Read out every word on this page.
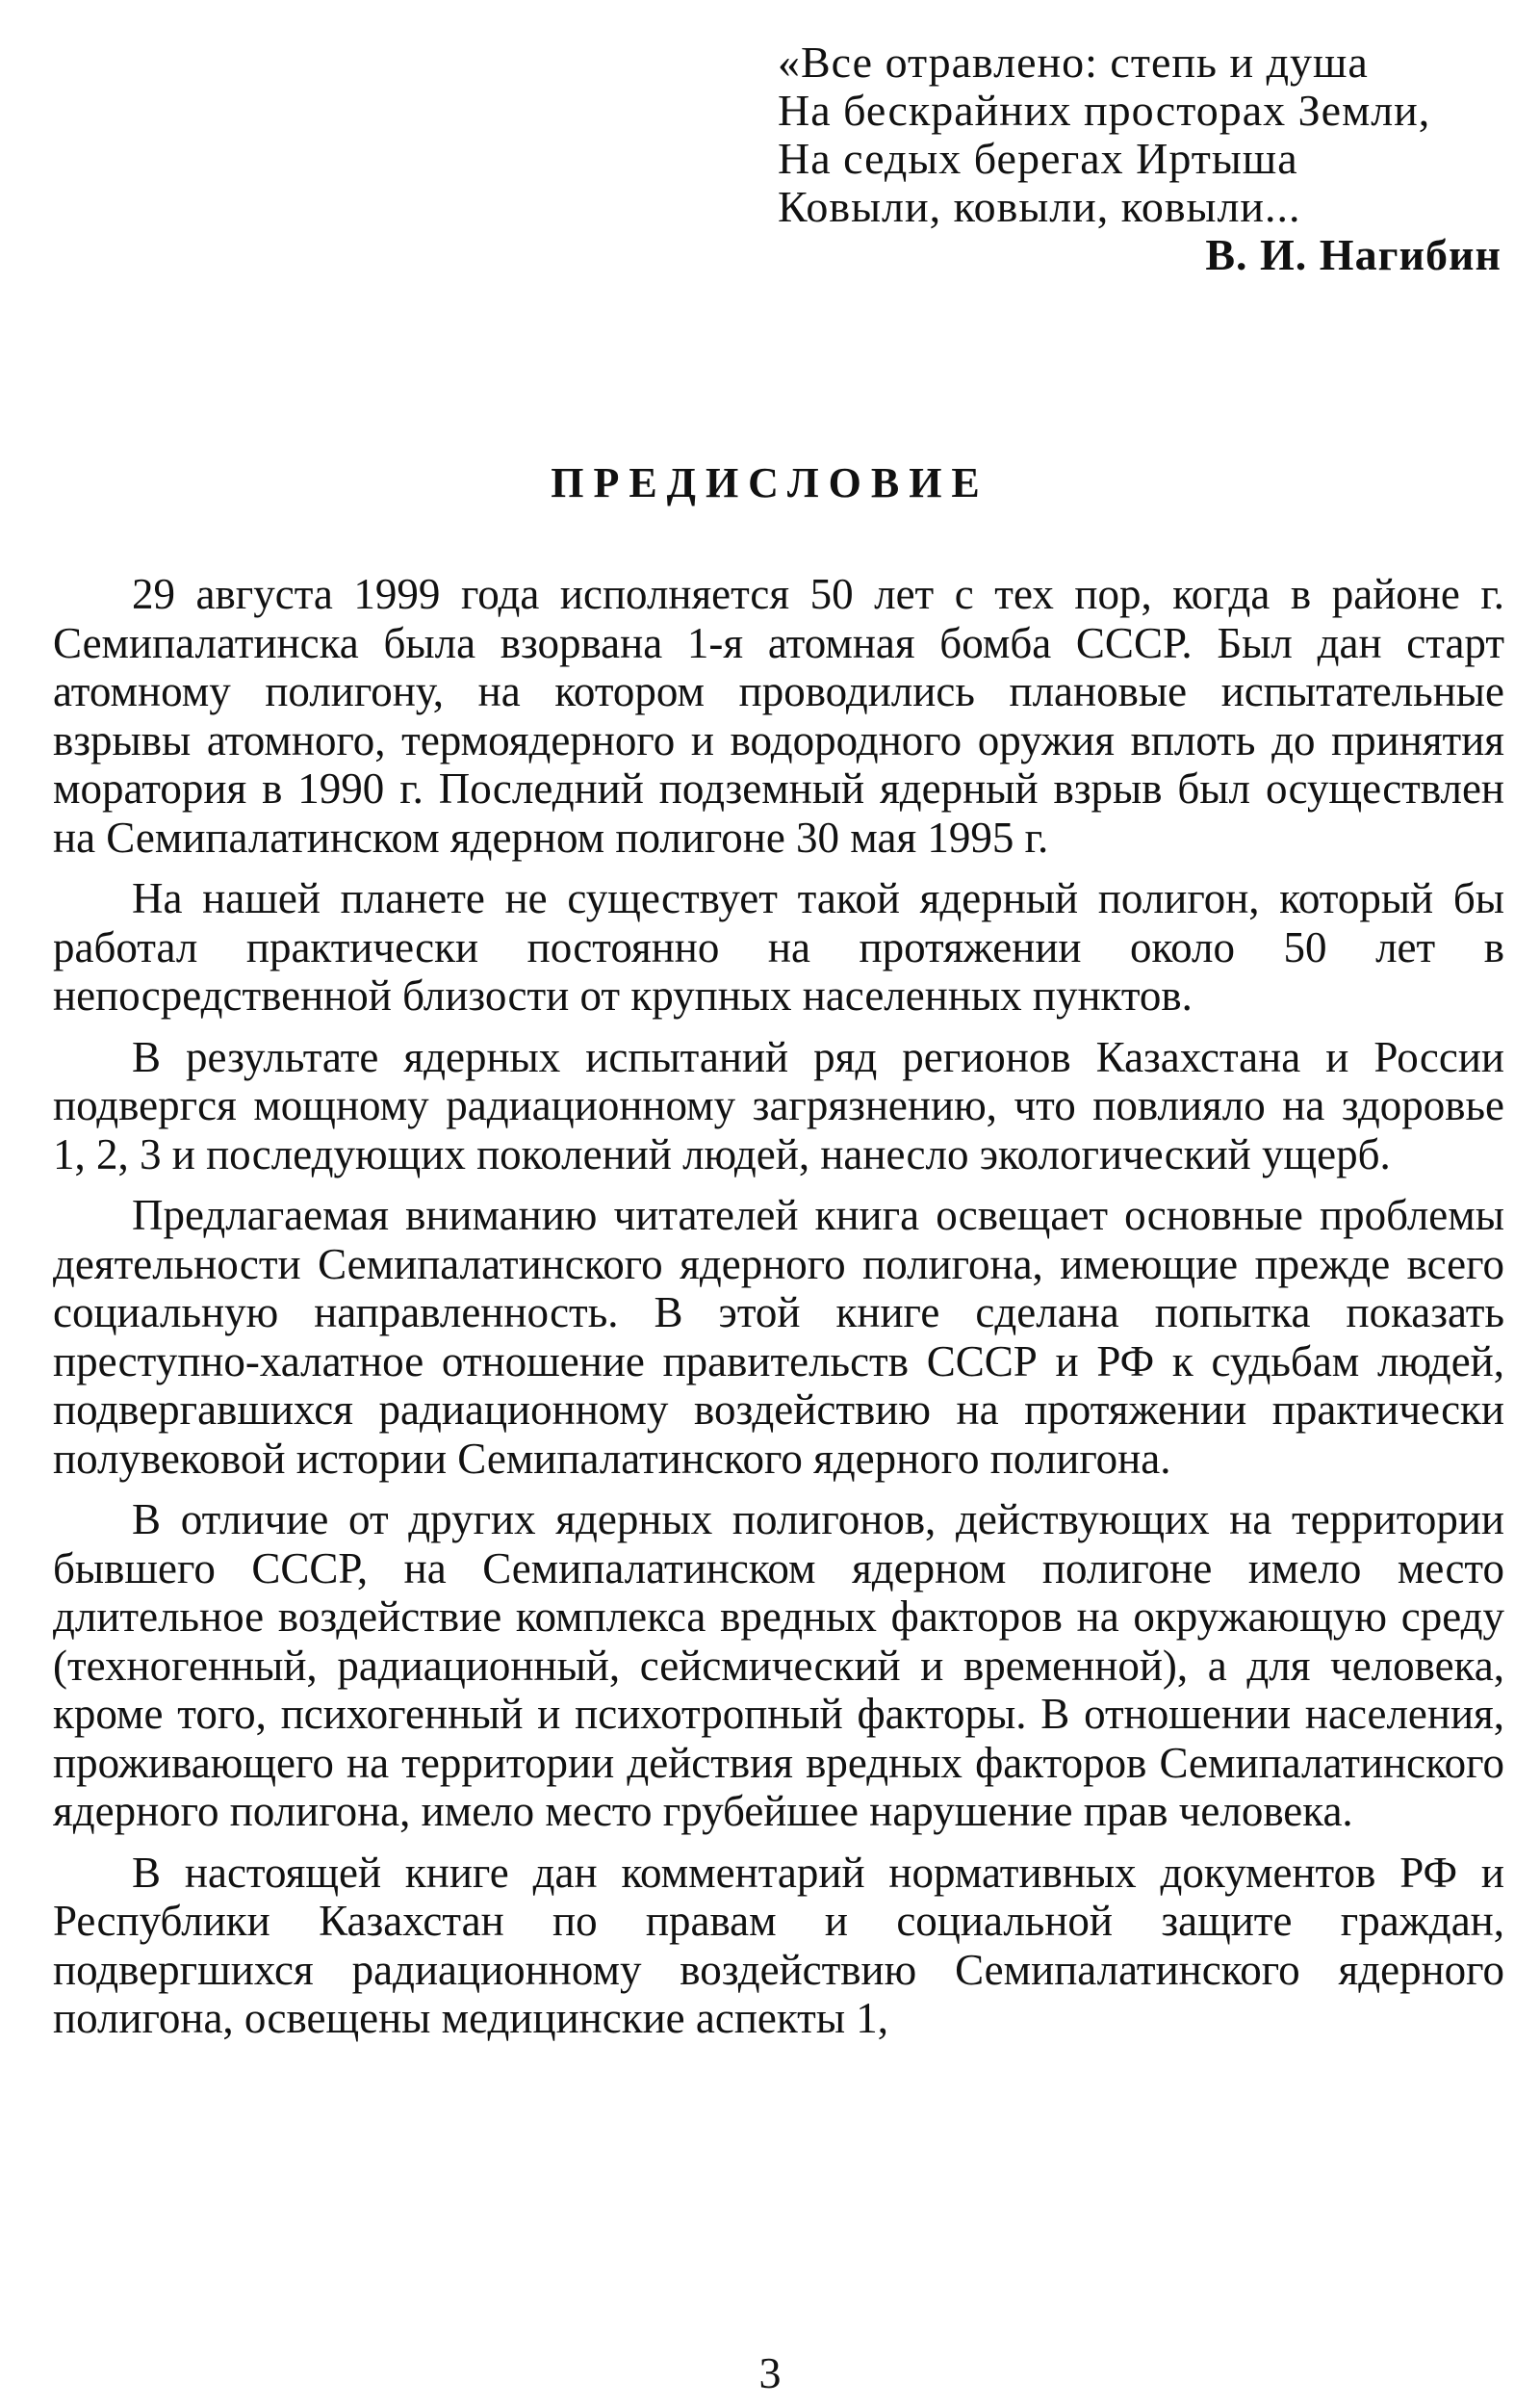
«Все отравлено: степь и душа
На бескрайних просторах Земли,
На седых берегах Иртыша
Ковыли, ковыли, ковыли...
В. И. Нагибин
ПРЕДИСЛОВИЕ

29 августа 1999 года исполняется 50 лет с тех пор, когда в районе г. Семипалатинска была взорвана 1-я атомная бомба СССР. Был дан старт атомному полигону, на котором проводились плановые испытательные взрывы атомного, термоядерного и водородного оружия вплоть до принятия моратория в 1990 г. Последний подземный ядерный взрыв был осуществлен на Семипалатинском ядерном полигоне 30 мая 1995 г.

На нашей планете не существует такой ядерный полигон, который бы работал практически постоянно на протяжении около 50 лет в непосредственной близости от крупных населенных пунктов.

В результате ядерных испытаний ряд регионов Казахстана и России подвергся мощному радиационному загрязнению, что повлияло на здоровье 1, 2, 3 и последующих поколений людей, нанесло экологический ущерб.

Предлагаемая вниманию читателей книга освещает основные проблемы деятельности Семипалатинского ядерного полигона, имеющие прежде всего социальную направленность. В этой книге сделана попытка показать преступно-халатное отношение правительств СССР и РФ к судьбам людей, подвергавшихся радиационному воздействию на протяжении практически полувековой истории Семипалатинского ядерного полигона.

В отличие от других ядерных полигонов, действующих на территории бывшего СССР, на Семипалатинском ядерном полигоне имело место длительное воздействие комплекса вредных факторов на окружающую среду (техногенный, радиационный, сейсмический и временной), а для человека, кроме того, психогенный и психотропный факторы. В отношении населения, проживающего на территории действия вредных факторов Семипалатинского ядерного полигона, имело место грубейшее нарушение прав человека.

В настоящей книге дан комментарий нормативных документов РФ и Республики Казахстан по правам и социальной защите граждан, подвергшихся радиационному воздействию Семипалатинского ядерного полигона, освещены медицинские аспекты 1,

3
